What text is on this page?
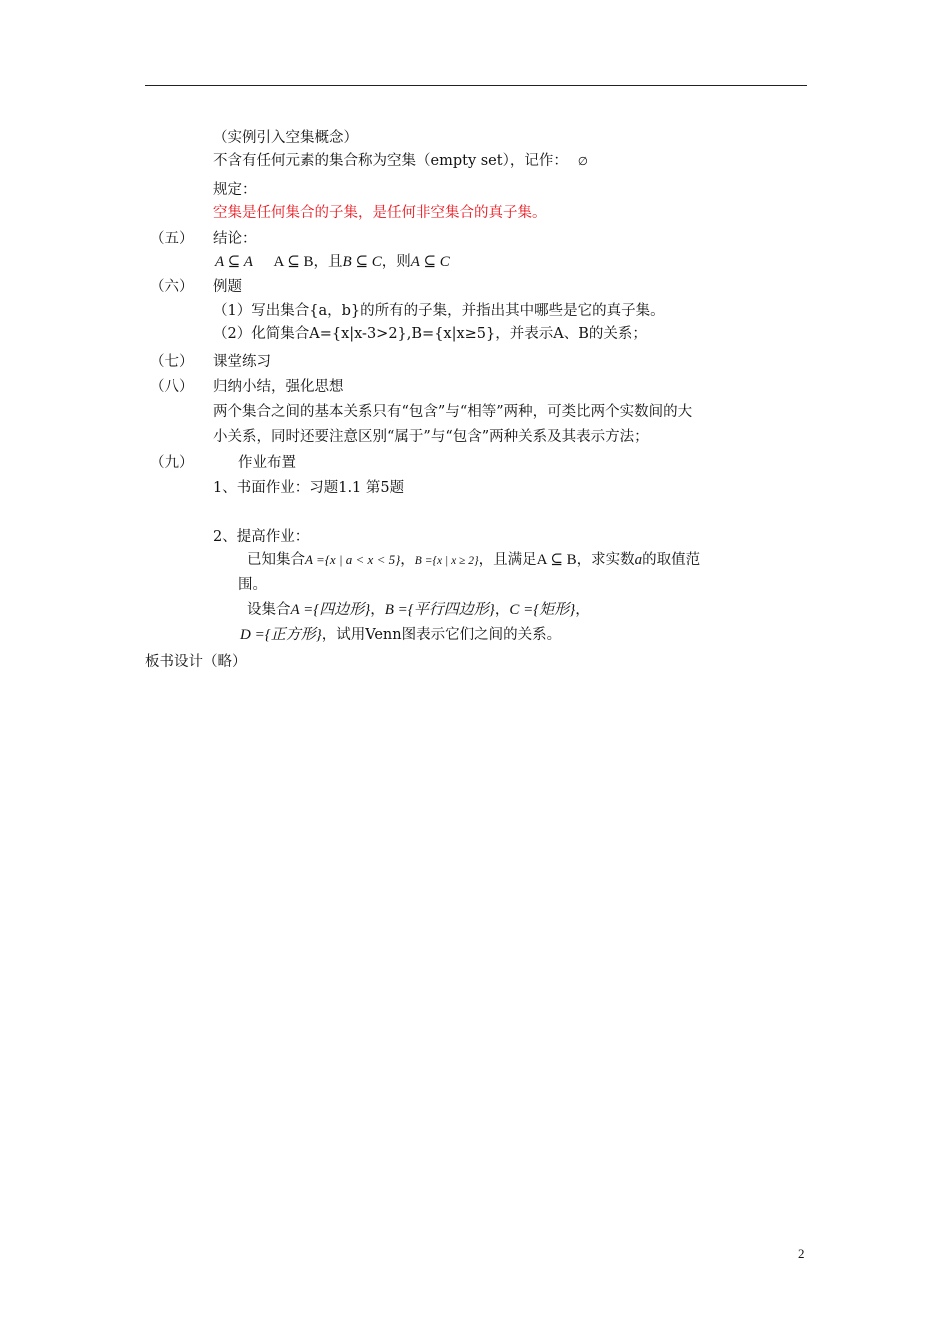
（实例引入空集概念）
不含有任何元素的集合称为空集（empty set），记作： ∅
规定：
空集是任何集合的子集，是任何非空集合的真子集。
（五） 结论：
A ⊆ A A ⊆ B，且B ⊆ C，则A ⊆ C
（六） 例题
（1）写出集合{a，b}的所有的子集，并指出其中哪些是它的真子集。
（2）化简集合A={x|x-3>2},B={x|x≥5}，并表示A、B的关系；
（七） 课堂练习
（八） 归纳小结，强化思想
两个集合之间的基本关系只有“包含”与“相等”两种，可类比两个实数间的大
小关系，同时还要注意区别“属于”与“包含”两种关系及其表示方法；
（九）	作业布置
1、书面作业：习题1.1 第5题
2、提高作业：
已知集合A ={x | a < x < 5}，B ={x | x ≥ 2}，且满足A ⊆ B，求实数a的取值范
围。
设集合A ={四边形}，B ={平行四边形}，C ={矩形}，
D ={正方形}，试用Venn图表示它们之间的关系。
板书设计（略）
2
